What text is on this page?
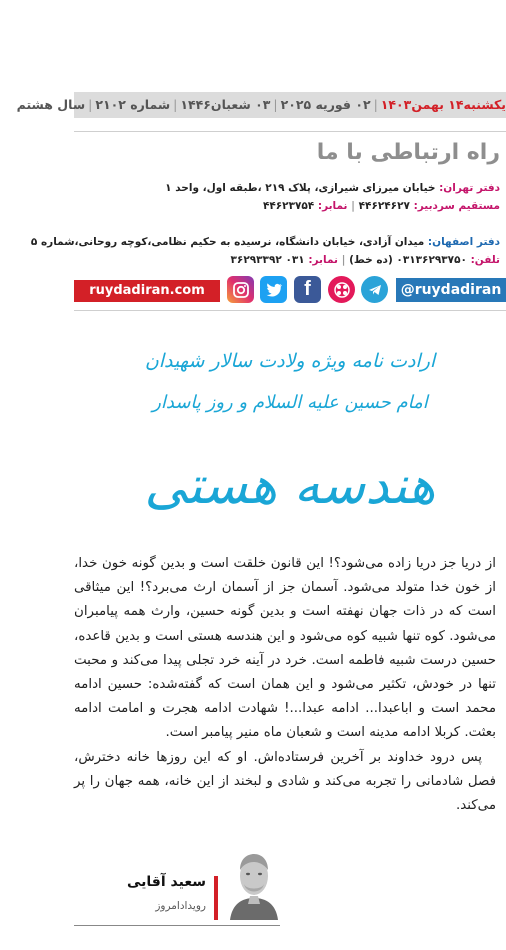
یکشنبه۱۴ بهمن۱۴۰۳|۰۲ فوریه ۲۰۲۵|۰۳ شعبان۱۴۴۶|شماره ۲۱۰۲|سال هشتم
راه ارتباطی با ما
دفتر تهران: خیابان میرزای شیرازی، پلاک ۲۱۹ ،طبقه اول، واحد ۱
مستقیم سردبیر: ۴۴۶۲۴۶۲۷ | نمابر: ۴۴۶۲۳۷۵۴
دفتر اصفهان: میدان آزادی، خیابان دانشگاه، نرسیده به حکیم نظامی،کوچه روحانی،شماره ۵
تلفن: ۰۳۱۳۶۲۹۳۷۵۰ (ده خط) | نمابر: ۰۳۱ ۳۶۲۹۳۳۹۲
@ruydadiran
f
ruydadiran.com
ارادت نامه ویژه ولادت سالار شهیدان
امام حسین علیه السلام و روز پاسدار
هندسه هستی

از دریا جز دریا زاده می‌شود؟! این قانون خلقت است و بدین گونه خون خدا، از خون خدا متولد می‌شود. آسمان جز از آسمان ارث می‌برد؟! این میثاقی است که در ذات جهان نهفته است و بدین گونه حسین، وارث همه پیامبران می‌شود. کوه تنها شبیه کوه می‌شود و این هندسه هستی است و بدین قاعده، حسین درست شبیه فاطمه است. خرد در آینه خرد تجلی پیدا می‌کند و محبت تنها در خودش، تکثیر می‌شود و این همان است که گفته‌شده: حسین ادامه محمد است و اباعبدا... ادامه عبدا...! شهادت ادامه هجرت و امامت ادامه بعثت. کربلا ادامه مدینه است و شعبان ماه منیر پیامبر است.

پس درود خداوند بر آخرین فرستاده‌اش. او که این روزها خانه دخترش، فصل شادمانی را تجربه می‌کند و شادی و لبخند از این خانه، همه جهان را پر می‌کند.

سعید آقایی
رویدادامروز
